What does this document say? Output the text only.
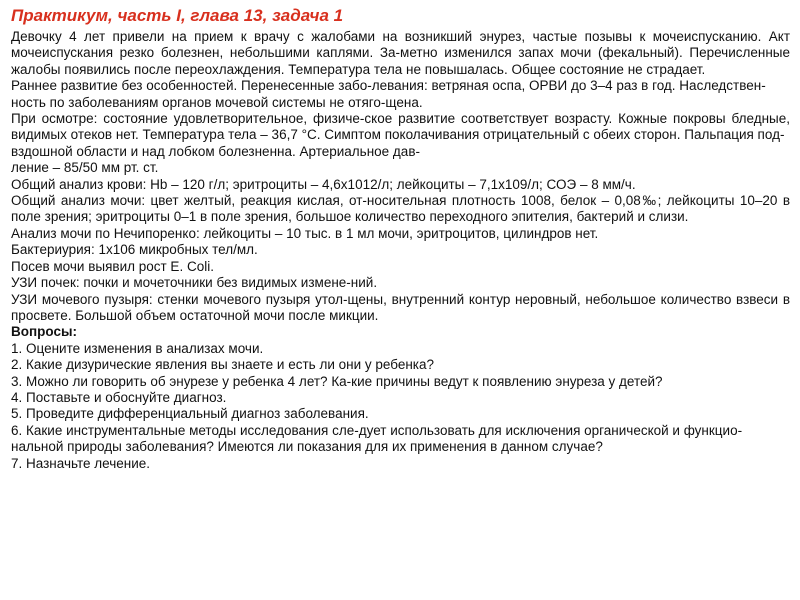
Практикум, часть I, глава 13, задача 1

Девочку 4 лет привели на прием к врачу с жалобами на возникший энурез, частые позывы к мочеиспусканию. Акт мочеиспускания резко болезнен, небольшими каплями. За-метно изменился запах мочи (фекальный). Перечисленные жалобы появились после переохлаждения. Температура тела не повышалась. Общее состояние не страдает.

Раннее развитие без особенностей. Перенесенные забо-левания: ветряная оспа, ОРВИ до 3–4 раз в год. Наследствен-ность по заболеваниям органов мочевой системы не отяго-щена.

При осмотре: состояние удовлетворительное, физиче-ское развитие соответствует возрасту. Кожные покровы бледные, видимых отеков нет. Температура тела – 36,7 °С. Симптом поколачивания отрицательный с обеих сторон. Пальпация под-

вздошной области и над лобком болезненна. Артериальное дав-

ление – 85/50 мм рт. ст.

Общий анализ крови: Hb – 120 г/л; эритроциты – 4,6х1012/л; лейкоциты – 7,1х109/л; СОЭ – 8 мм/ч.

Общий анализ мочи: цвет желтый, реакция кислая, от-носительная плотность 1008, белок – 0,08‰; лейкоциты 10–20 в поле зрения; эритроциты 0–1 в поле зрения, большое количество переходного эпителия, бактерий и слизи.

Анализ мочи по Нечипоренко: лейкоциты – 10 тыс. в 1 мл мочи, эритроцитов, цилиндров нет.

Бактериурия: 1х106 микробных тел/мл.

Посев мочи выявил рост E. Coli.

УЗИ почек: почки и мочеточники без видимых измене-ний.

УЗИ мочевого пузыря: стенки мочевого пузыря утол-щены, внутренний контур неровный, небольшое количество взвеси в просвете. Большой объем остаточной мочи после микции.

Вопросы:

1. Оцените изменения в анализах мочи.

2. Какие дизурические явления вы знаете и есть ли они у ребенка?

3. Можно ли говорить об энурезе у ребенка 4 лет? Ка-кие причины ведут к появлению энуреза у детей?

4. Поставьте и обоснуйте диагноз.

5. Проведите дифференциальный диагноз заболевания.

6. Какие инструментальные методы исследования сле-дует использовать для исключения органической и функцио-нальной природы заболевания? Имеются ли показания для их применения в данном случае?

7. Назначьте лечение.
